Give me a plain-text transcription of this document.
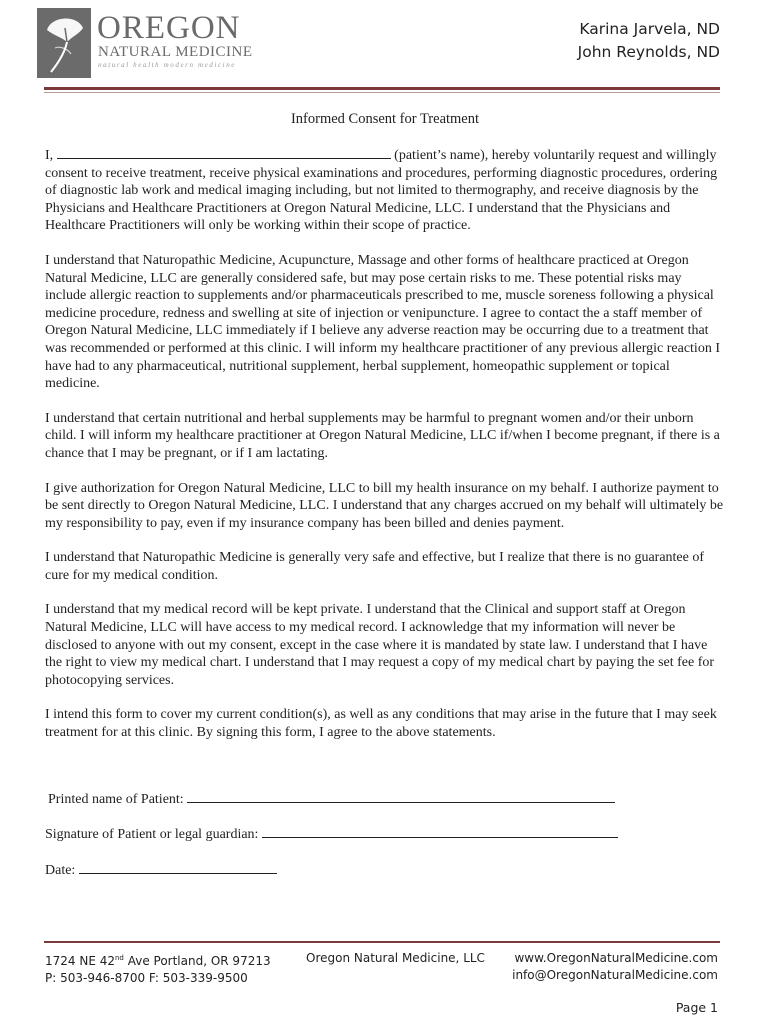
OREGON
NATURAL MEDICINE
natural health modern medicine
Karina Jarvela, ND
John Reynolds, ND
Informed Consent for Treatment

I,	(patient’s name), hereby voluntarily request and willingly consent to receive treatment, receive physical examinations and procedures, performing diagnostic procedures, ordering of diagnostic lab work and medical imaging including, but not limited to thermography, and receive diagnosis by the Physicians and Healthcare Practitioners at Oregon Natural Medicine, LLC. I understand that the Physicians and Healthcare Practitioners will only be working within their scope of practice.

I understand that Naturopathic Medicine, Acupuncture, Massage and other forms of healthcare practiced at Oregon Natural Medicine, LLC are generally considered safe, but may pose certain risks to me. These potential risks may include allergic reaction to supplements and/or pharmaceuticals prescribed to me, muscle soreness following a physical medicine procedure, redness and swelling at site of injection or venipuncture. I agree to contact the a staff member of Oregon Natural Medicine, LLC immediately if I believe any adverse reaction may be occurring due to a treatment that was recommended or performed at this clinic. I will inform my healthcare practitioner of any previous allergic reaction I have had to any pharmaceutical, nutritional supplement, herbal supplement, homeopathic supplement or topical medicine.

I understand that certain nutritional and herbal supplements may be harmful to pregnant women and/or their unborn child. I will inform my healthcare practitioner at Oregon Natural Medicine, LLC if/when I become pregnant, if there is a chance that I may be pregnant, or if I am lactating.

I give authorization for Oregon Natural Medicine, LLC to bill my health insurance on my behalf. I authorize payment to be sent directly to Oregon Natural Medicine, LLC. I understand that any charges accrued on my behalf will ultimately be my responsibility to pay, even if my insurance company has been billed and denies payment.

I understand that Naturopathic Medicine is generally very safe and effective, but I realize that there is no guarantee of cure for my medical condition.

I understand that my medical record will be kept private. I understand that the Clinical and support staff at Oregon Natural Medicine, LLC will have access to my medical record. I acknowledge that my information will never be disclosed to anyone with out my consent, except in the case where it is mandated by state law. I understand that I have the right to view my medical chart. I understand that I may request a copy of my medical chart by paying the set fee for photocopying services.

I intend this form to cover my current condition(s), as well as any conditions that may arise in the future that I may seek treatment for at this clinic. By signing this form, I agree to the above statements.

Printed name of Patient:
Signature of Patient or legal guardian:
Date:
1724 NE 42nd Ave Portland, OR 97213
P: 503-946-8700 F: 503-339-9500
Oregon Natural Medicine, LLC www.OregonNaturalMedicine.com
info@OregonNaturalMedicine.com
Page 1
